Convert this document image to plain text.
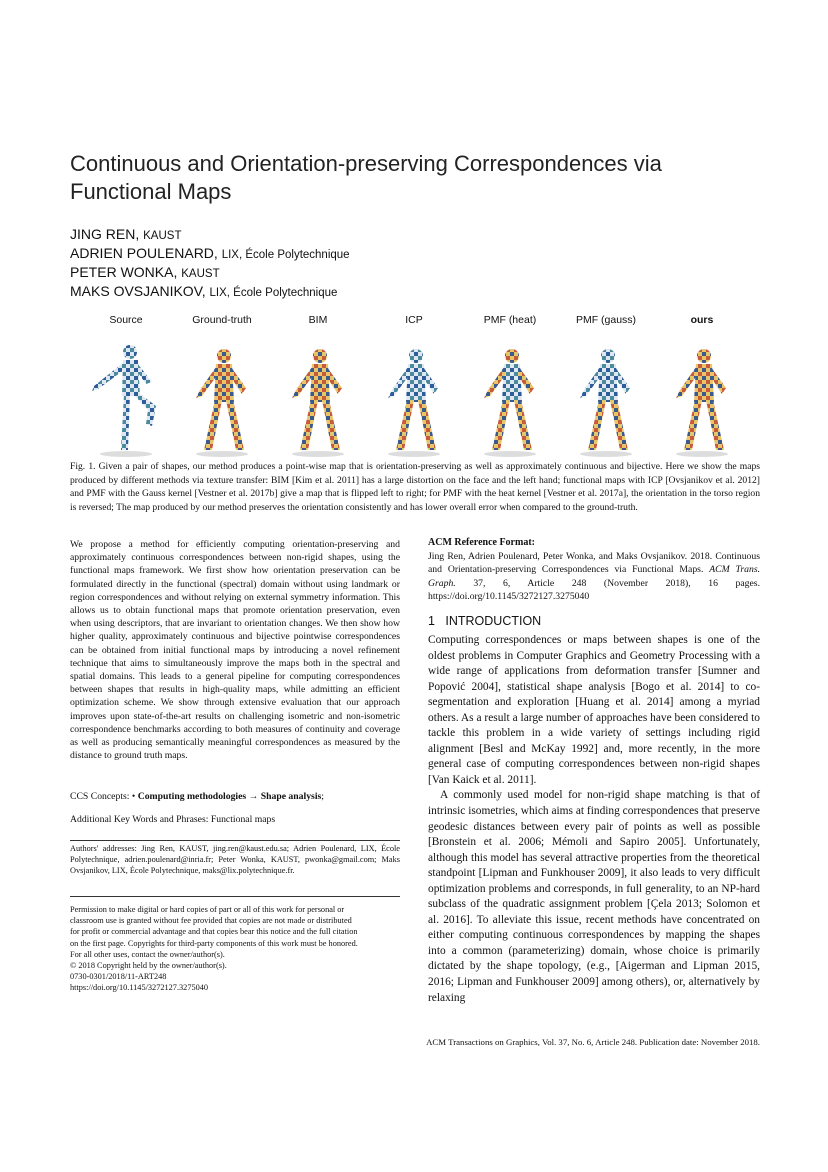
Continuous and Orientation-preserving Correspondences via Functional Maps
JING REN, KAUST
ADRIEN POULENARD, LIX, École Polytechnique
PETER WONKA, KAUST
MAKS OVSJANIKOV, LIX, École Polytechnique
Source	Ground-truth	BIM	ICP	PMF (heat)	PMF (gauss)	ours

Fig. 1. Given a pair of shapes, our method produces a point-wise map that is orientation-preserving as well as approximately continuous and bijective. Here we show the maps produced by different methods via texture transfer: BIM [Kim et al. 2011] has a large distortion on the face and the left hand; functional maps with ICP [Ovsjanikov et al. 2012] and PMF with the Gauss kernel [Vestner et al. 2017b] give a map that is flipped left to right; for PMF with the heat kernel [Vestner et al. 2017a], the orientation in the torso region is reversed; The map produced by our method preserves the orientation consistently and has lower overall error when compared to the ground-truth.

We propose a method for efficiently computing orientation-preserving and approximately continuous correspondences between non-rigid shapes, using the functional maps framework. We first show how orientation preservation can be formulated directly in the functional (spectral) domain without using landmark or region correspondences and without relying on external symmetry information. This allows us to obtain functional maps that promote orientation preservation, even when using descriptors, that are invariant to orientation changes. We then show how higher quality, approximately continuous and bijective pointwise correspondences can be obtained from initial functional maps by introducing a novel refinement technique that aims to simultaneously improve the maps both in the spectral and spatial domains. This leads to a general pipeline for computing correspondences between shapes that results in high-quality maps, while admitting an efficient optimization scheme. We show through extensive evaluation that our approach improves upon state-of-the-art results on challenging isometric and non-isometric correspondence benchmarks according to both measures of continuity and coverage as well as producing semantically meaningful correspondences as measured by the distance to ground truth maps.

CCS Concepts: • Computing methodologies → Shape analysis;

Additional Key Words and Phrases: Functional maps

Authors' addresses: Jing Ren, KAUST, jing.ren@kaust.edu.sa; Adrien Poulenard, LIX, École Polytechnique, adrien.poulenard@inria.fr; Peter Wonka, KAUST, pwonka@gmail.com; Maks Ovsjanikov, LIX, École Polytechnique, maks@lix.polytechnique.fr.

Permission to make digital or hard copies of part or all of this work for personal or
classroom use is granted without fee provided that copies are not made or distributed
for profit or commercial advantage and that copies bear this notice and the full citation
on the first page. Copyrights for third-party components of this work must be honored.
For all other uses, contact the owner/author(s).
© 2018 Copyright held by the owner/author(s).
0730-0301/2018/11-ART248
https://doi.org/10.1145/3272127.3275040

ACM Reference Format:

Jing Ren, Adrien Poulenard, Peter Wonka, and Maks Ovsjanikov. 2018. Continuous and Orientation-preserving Correspondences via Functional Maps. ACM Trans. Graph. 37, 6, Article 248 (November 2018), 16 pages. https://doi.org/10.1145/3272127.3275040

1 INTRODUCTION

Computing correspondences or maps between shapes is one of the oldest problems in Computer Graphics and Geometry Processing with a wide range of applications from deformation transfer [Sumner and Popović 2004], statistical shape analysis [Bogo et al. 2014] to co-segmentation and exploration [Huang et al. 2014] among a myriad others. As a result a large number of approaches have been considered to tackle this problem in a wide variety of settings including rigid alignment [Besl and McKay 1992] and, more recently, in the more general case of computing correspondences between non-rigid shapes [Van Kaick et al. 2011].

A commonly used model for non-rigid shape matching is that of intrinsic isometries, which aims at finding correspondences that preserve geodesic distances between every pair of points as well as possible [Bronstein et al. 2006; Mémoli and Sapiro 2005]. Unfortunately, although this model has several attractive properties from the theoretical standpoint [Lipman and Funkhouser 2009], it also leads to very difficult optimization problems and corresponds, in full generality, to an NP-hard subclass of the quadratic assignment problem [Çela 2013; Solomon et al. 2016]. To alleviate this issue, recent methods have concentrated on either computing continuous correspondences by mapping the shapes into a common (parameterizing) domain, whose choice is primarily dictated by the shape topology, (e.g., [Aigerman and Lipman 2015, 2016; Lipman and Funkhouser 2009] among others), or, alternatively by relaxing

ACM Transactions on Graphics, Vol. 37, No. 6, Article 248. Publication date: November 2018.
